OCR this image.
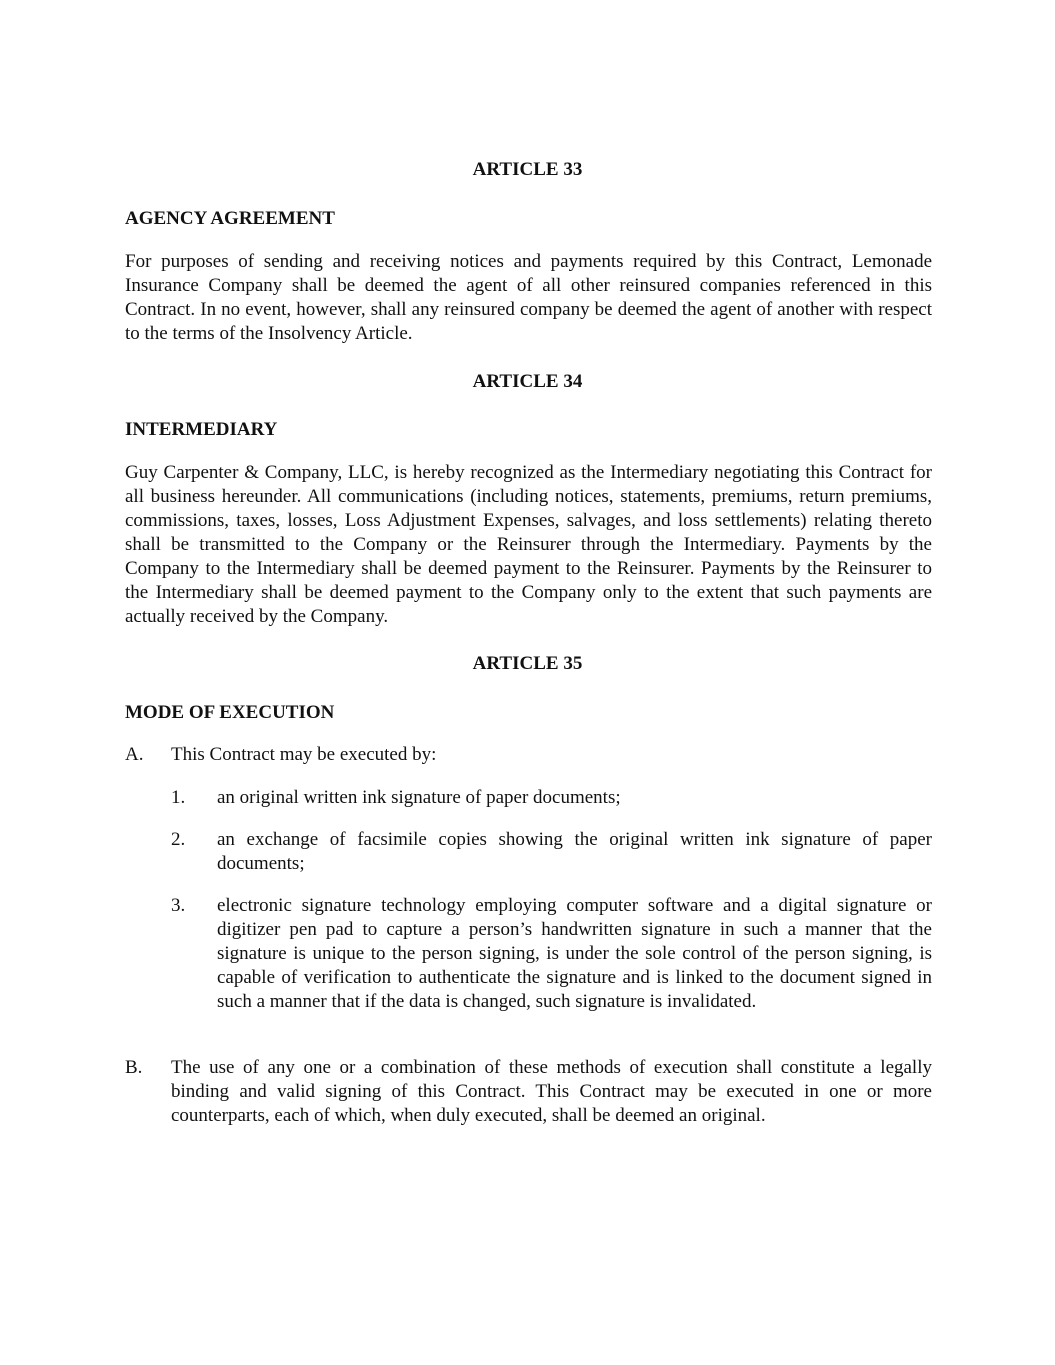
ARTICLE 33

AGENCY AGREEMENT

For purposes of sending and receiving notices and payments required by this Contract, Lemonade Insurance Company shall be deemed the agent of all other reinsured companies referenced in this Contract. In no event, however, shall any reinsured company be deemed the agent of another with respect to the terms of the Insolvency Article.

ARTICLE 34

INTERMEDIARY

Guy Carpenter & Company, LLC, is hereby recognized as the Intermediary negotiating this Contract for all business hereunder. All communications (including notices, statements, premiums, return premiums, commissions, taxes, losses, Loss Adjustment Expenses, salvages, and loss settlements) relating thereto shall be transmitted to the Company or the Reinsurer through the Intermediary. Payments by the Company to the Intermediary shall be deemed payment to the Reinsurer. Payments by the Reinsurer to the Intermediary shall be deemed payment to the Company only to the extent that such payments are actually received by the Company.

ARTICLE 35

MODE OF EXECUTION

A. This Contract may be executed by:
1. an original written ink signature of paper documents;
2. an exchange of facsimile copies showing the original written ink signature of paper documents;
3. electronic signature technology employing computer software and a digital signature or digitizer pen pad to capture a person’s handwritten signature in such a manner that the signature is unique to the person signing, is under the sole control of the person signing, is capable of verification to authenticate the signature and is linked to the document signed in such a manner that if the data is changed, such signature is invalidated.
B. The use of any one or a combination of these methods of execution shall constitute a legally binding and valid signing of this Contract. This Contract may be executed in one or more counterparts, each of which, when duly executed, shall be deemed an original.
